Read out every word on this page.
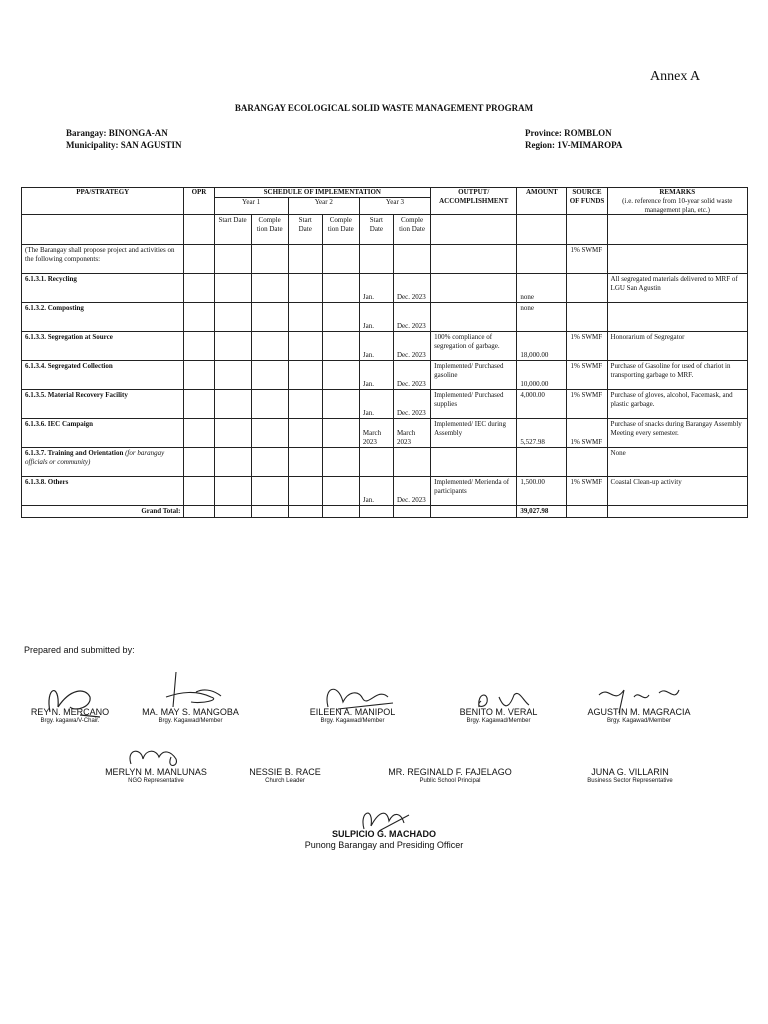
Annex A
BARANGAY ECOLOGICAL SOLID WASTE MANAGEMENT PROGRAM
Barangay: BINONGA-AN
Municipality: SAN AGUSTIN
Province: ROMBLON
Region: 1V-MIMAROPA
PPA/STRATEGY	OPR	SCHEDULE OF IMPLEMENTATION						OUTPUT/ ACCOMPLISHMENT	AMOUNT	SOURCE OF FUNDS	REMARKS
(i.e. reference from 10-year solid waste management plan, etc.)

		Year 1		Year 2		Year 3					
		Start Date	Comple tion Date	Start Date	Comple tion Date	Start Date	Comple tion Date				
(The Barangay shall propose project and activities on the following components:										1% SWMF	
6.1.3.1. Recycling						Jan.	Dec. 2023		none		All segregated materials delivered to MRF of LGU San Agustin
6.1.3.2. Composting						Jan.	Dec. 2023		none		
6.1.3.3. Segregation at Source						Jan.	Dec. 2023	100% compliance of segregation of garbage.	18,000.00	1% SWMF	Honorarium of Segregator
6.1.3.4. Segregated Collection						Jan.	Dec. 2023	Implemented/ Purchased gasoline	10,000.00	1% SWMF	Purchase of Gasoline for used of chariot in transporting garbage to MRF.
6.1.3.5. Material Recovery Facility						Jan.	Dec. 2023	Implemented/ Purchased supplies	4,000.00	1% SWMF	Purchase of gloves, alcohol, Facemask, and plastic garbage.
6.1.3.6. IEC Campaign						March 2023	March 2023	Implemented/ IEC during Assembly	5,527.98	1% SWMF	Purchase of snacks during Barangay Assembly Meeting every semester.
6.1.3.7. Training and Orientation (for barangay officials or community)											None
6.1.3.8. Others						Jan.	Dec. 2023	Implemented/ Merienda of participants	1,500.00	1% SWMF	Coastal Clean-up activity
Grand Total:									39,027.98		
Prepared and submitted by:
REY N. MERCANO
Brgy. kagawa/V-Chair.
MA. MAY S. MANGOBA
Brgy. Kagawad/Member
EILEEN A. MANIPOL
Brgy. Kagawad/Member
BENITO M. VERAL
Brgy. Kagawad/Member
AGUSTIN M. MAGRACIA
Brgy. Kagawad/Member
MERLYN M. MANLUNAS
NGO Representative
NESSIE B. RACE
Church Leader
MR. REGINALD F. FAJELAGO
Public School Principal
JUNA G. VILLARIN
Business Sector Representative
SULPICIO G. MACHADO
Punong Barangay and Presiding Officer
